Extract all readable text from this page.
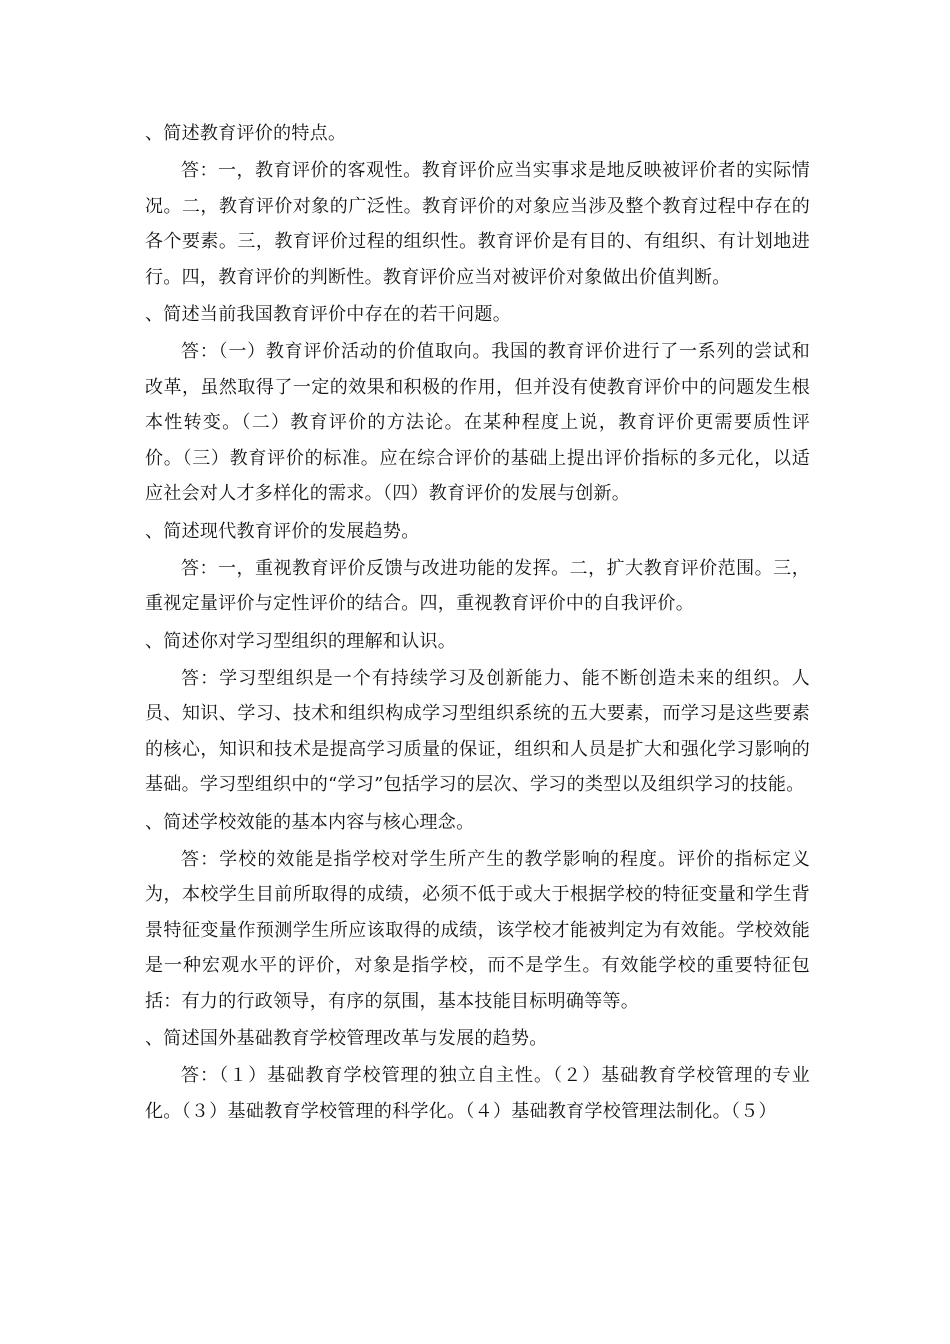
、简述教育评价的特点。

答：一，教育评价的客观性。教育评价应当实事求是地反映被评价者的实际情况。二，教育评价对象的广泛性。教育评价的对象应当涉及整个教育过程中存在的各个要素。三，教育评价过程的组织性。教育评价是有目的、有组织、有计划地进行。四，教育评价的判断性。教育评价应当对被评价对象做出价值判断。

、简述当前我国教育评价中存在的若干问题。

答：（一）教育评价活动的价值取向。我国的教育评价进行了一系列的尝试和改革，虽然取得了一定的效果和积极的作用，但并没有使教育评价中的问题发生根本性转变。（二）教育评价的方法论。在某种程度上说，教育评价更需要质性评价。（三）教育评价的标准。应在综合评价的基础上提出评价指标的多元化，以适应社会对人才多样化的需求。（四）教育评价的发展与创新。

、简述现代教育评价的发展趋势。

答：一，重视教育评价反馈与改进功能的发挥。二，扩大教育评价范围。三，重视定量评价与定性评价的结合。四，重视教育评价中的自我评价。

、简述你对学习型组织的理解和认识。

答：学习型组织是一个有持续学习及创新能力、能不断创造未来的组织。人员、知识、学习、技术和组织构成学习型组织系统的五大要素，而学习是这些要素的核心，知识和技术是提高学习质量的保证，组织和人员是扩大和强化学习影响的基础。学习型组织中的“学习”包括学习的层次、学习的类型以及组织学习的技能。

、简述学校效能的基本内容与核心理念。

答：学校的效能是指学校对学生所产生的教学影响的程度。评价的指标定义为，本校学生目前所取得的成绩，必须不低于或大于根据学校的特征变量和学生背景特征变量作预测学生所应该取得的成绩，该学校才能被判定为有效能。学校效能是一种宏观水平的评价，对象是指学校，而不是学生。有效能学校的重要特征包括：有力的行政领导，有序的氛围，基本技能目标明确等等。

、简述国外基础教育学校管理改革与发展的趋势。

答：（１）基础教育学校管理的独立自主性。（２）基础教育学校管理的专业化。（３）基础教育学校管理的科学化。（４）基础教育学校管理法制化。（５）
